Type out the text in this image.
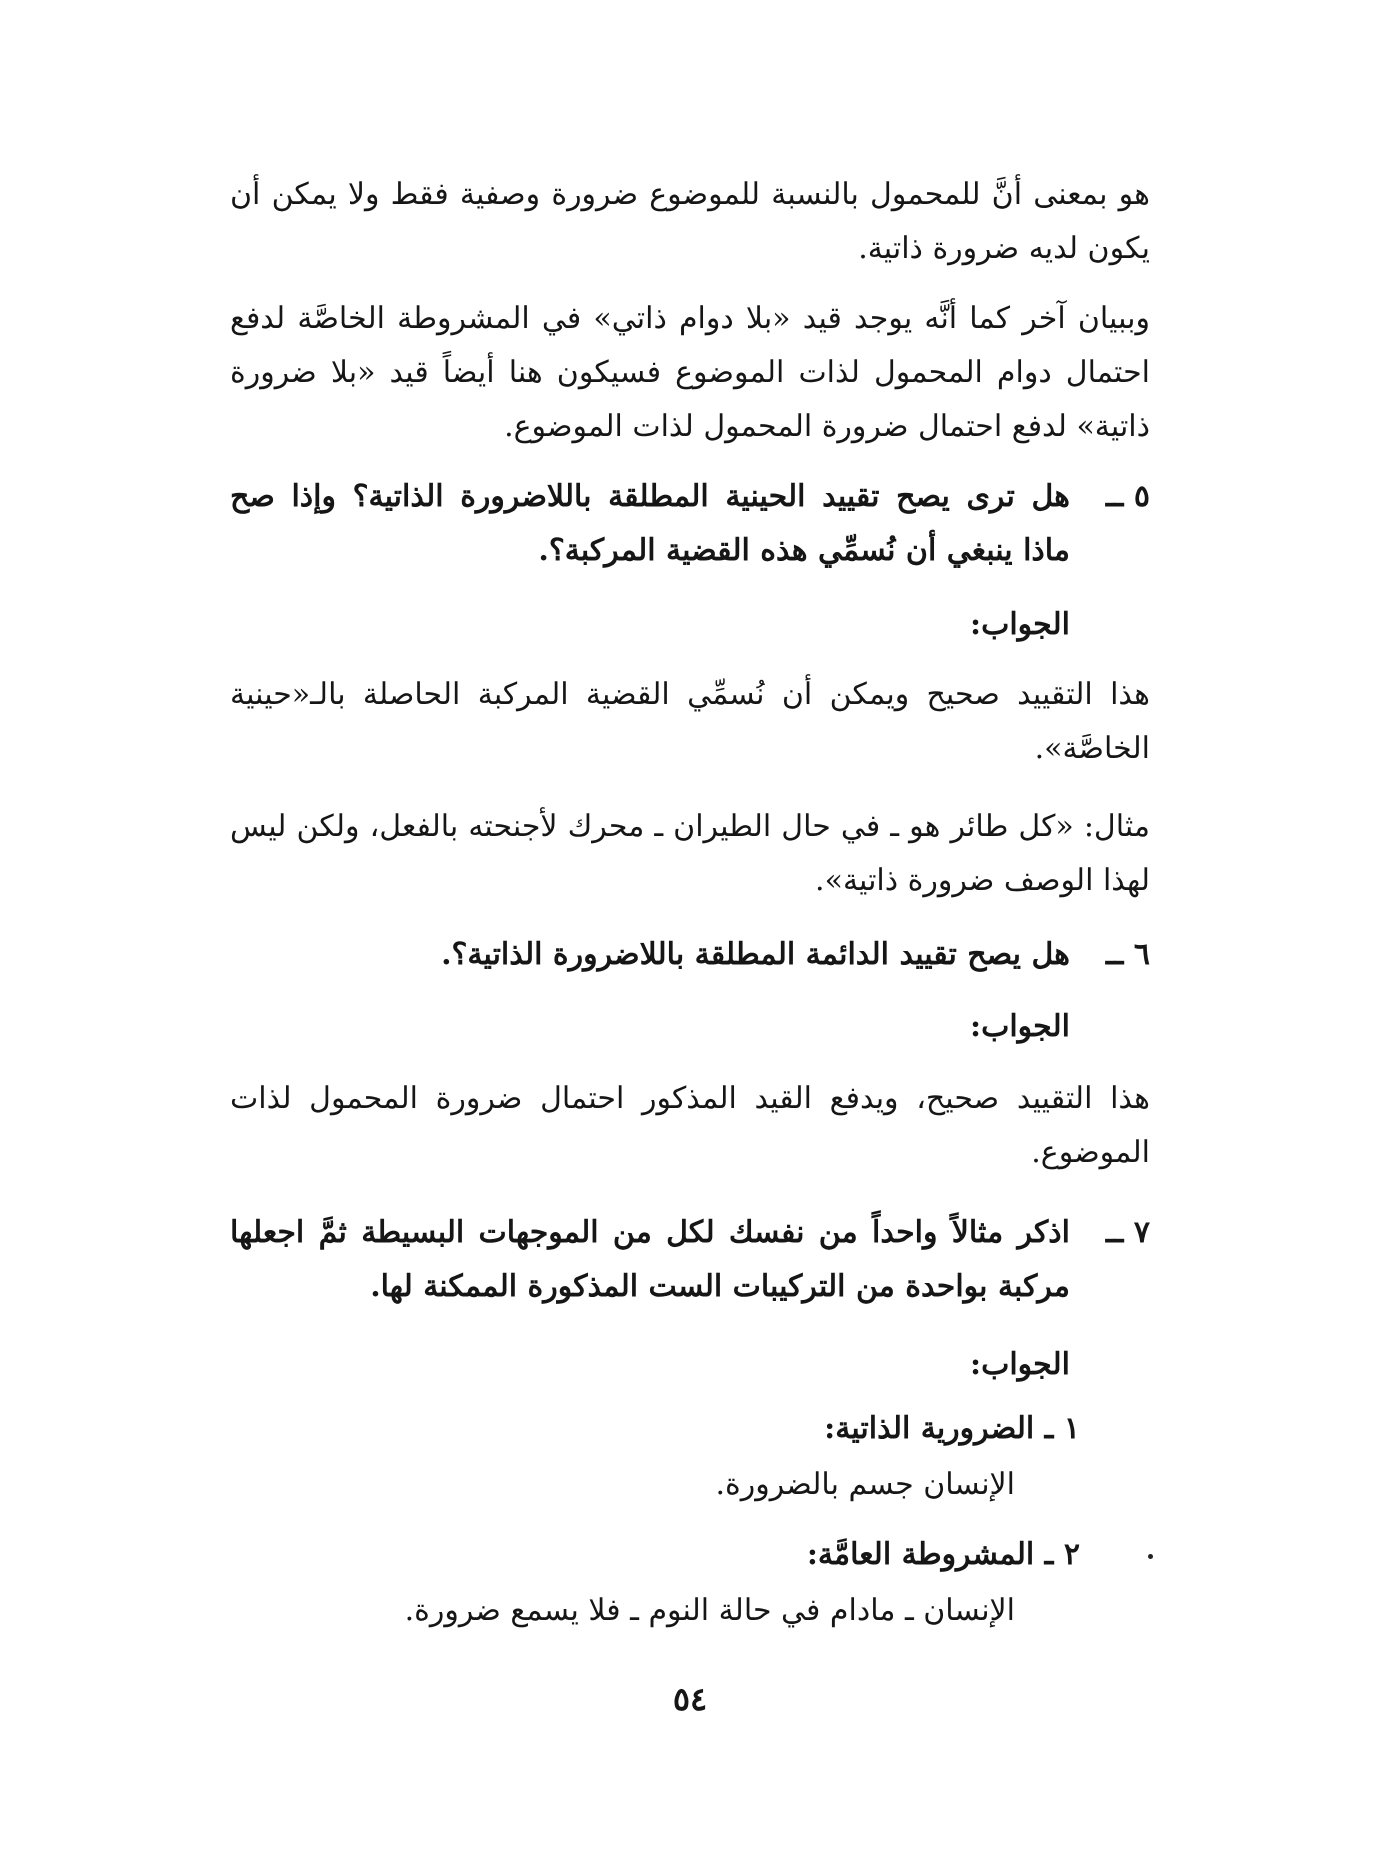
هو بمعنى أنَّ للمحمول بالنسبة للموضوع ضرورة وصفية فقط ولا يمكن أن يكون لديه ضرورة ذاتية.

وببيان آخر كما أنَّه يوجد قيد «بلا دوام ذاتي» في المشروطة الخاصَّة لدفع احتمال دوام المحمول لذات الموضوع فسيكون هنا أيضاً قيد «بلا ضرورة ذاتية» لدفع احتمال ضرورة المحمول لذات الموضوع.

٥ ــ
هل ترى يصح تقييد الحينية المطلقة باللاضرورة الذاتية؟ وإذا صح ماذا ينبغي أن نُسمِّي هذه القضية المركبة؟.

الجواب:

هذا التقييد صحيح ويمكن أن نُسمِّي القضية المركبة الحاصلة بالـ«حينية الخاصَّة».

مثال: «كل طائر هو ـ في حال الطيران ـ محرك لأجنحته بالفعل، ولكن ليس لهذا الوصف ضرورة ذاتية».

٦ ــ
هل يصح تقييد الدائمة المطلقة باللاضرورة الذاتية؟.

الجواب:

هذا التقييد صحيح، ويدفع القيد المذكور احتمال ضرورة المحمول لذات الموضوع.

٧ ــ
اذكر مثالاً واحداً من نفسك لكل من الموجهات البسيطة ثمَّ اجعلها مركبة بواحدة من التركيبات الست المذكورة الممكنة لها.

الجواب:

١ ـ الضرورية الذاتية:
الإنسان جسم بالضرورة.
٢ ـ المشروطة العامَّة:
الإنسان ـ مادام في حالة النوم ـ فلا يسمع ضرورة.
٥٤
